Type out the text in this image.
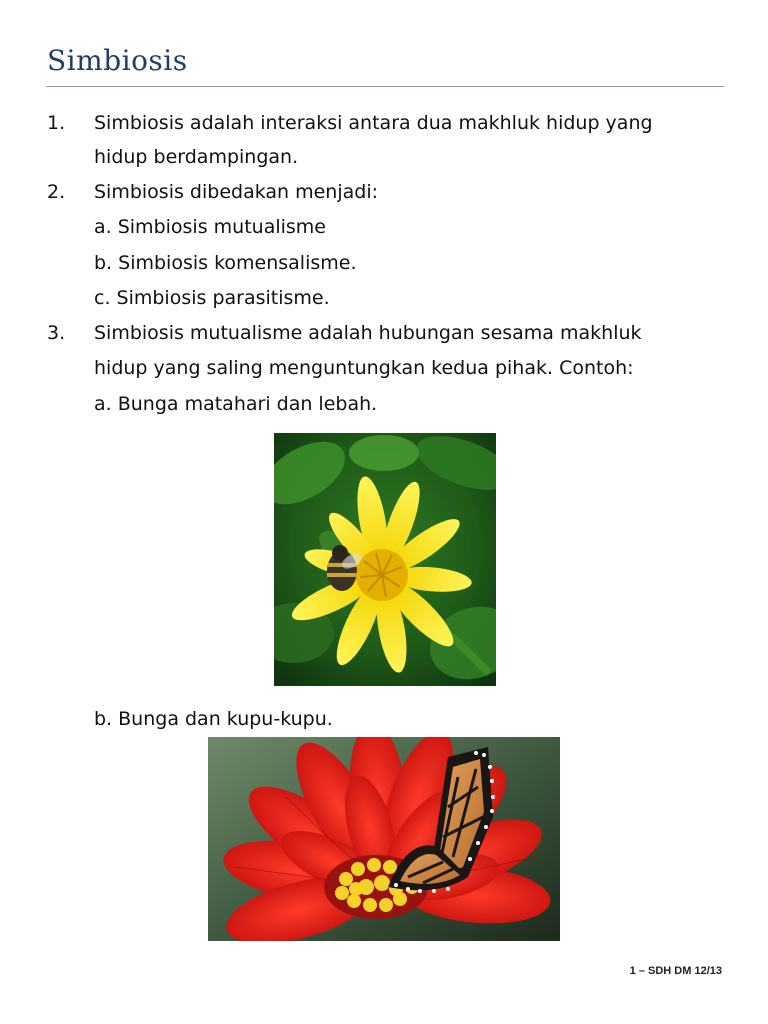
Simbiosis
1. Simbiosis adalah interaksi antara dua makhluk hidup yang
hidup berdampingan.
2. Simbiosis dibedakan menjadi:
a. Simbiosis mutualisme
b. Simbiosis komensalisme.
c. Simbiosis parasitisme.
3. Simbiosis mutualisme adalah hubungan sesama makhluk
hidup yang saling menguntungkan kedua pihak. Contoh:
a. Bunga matahari dan lebah.
b. Bunga dan kupu-kupu.
1 – SDH DM 12/13
